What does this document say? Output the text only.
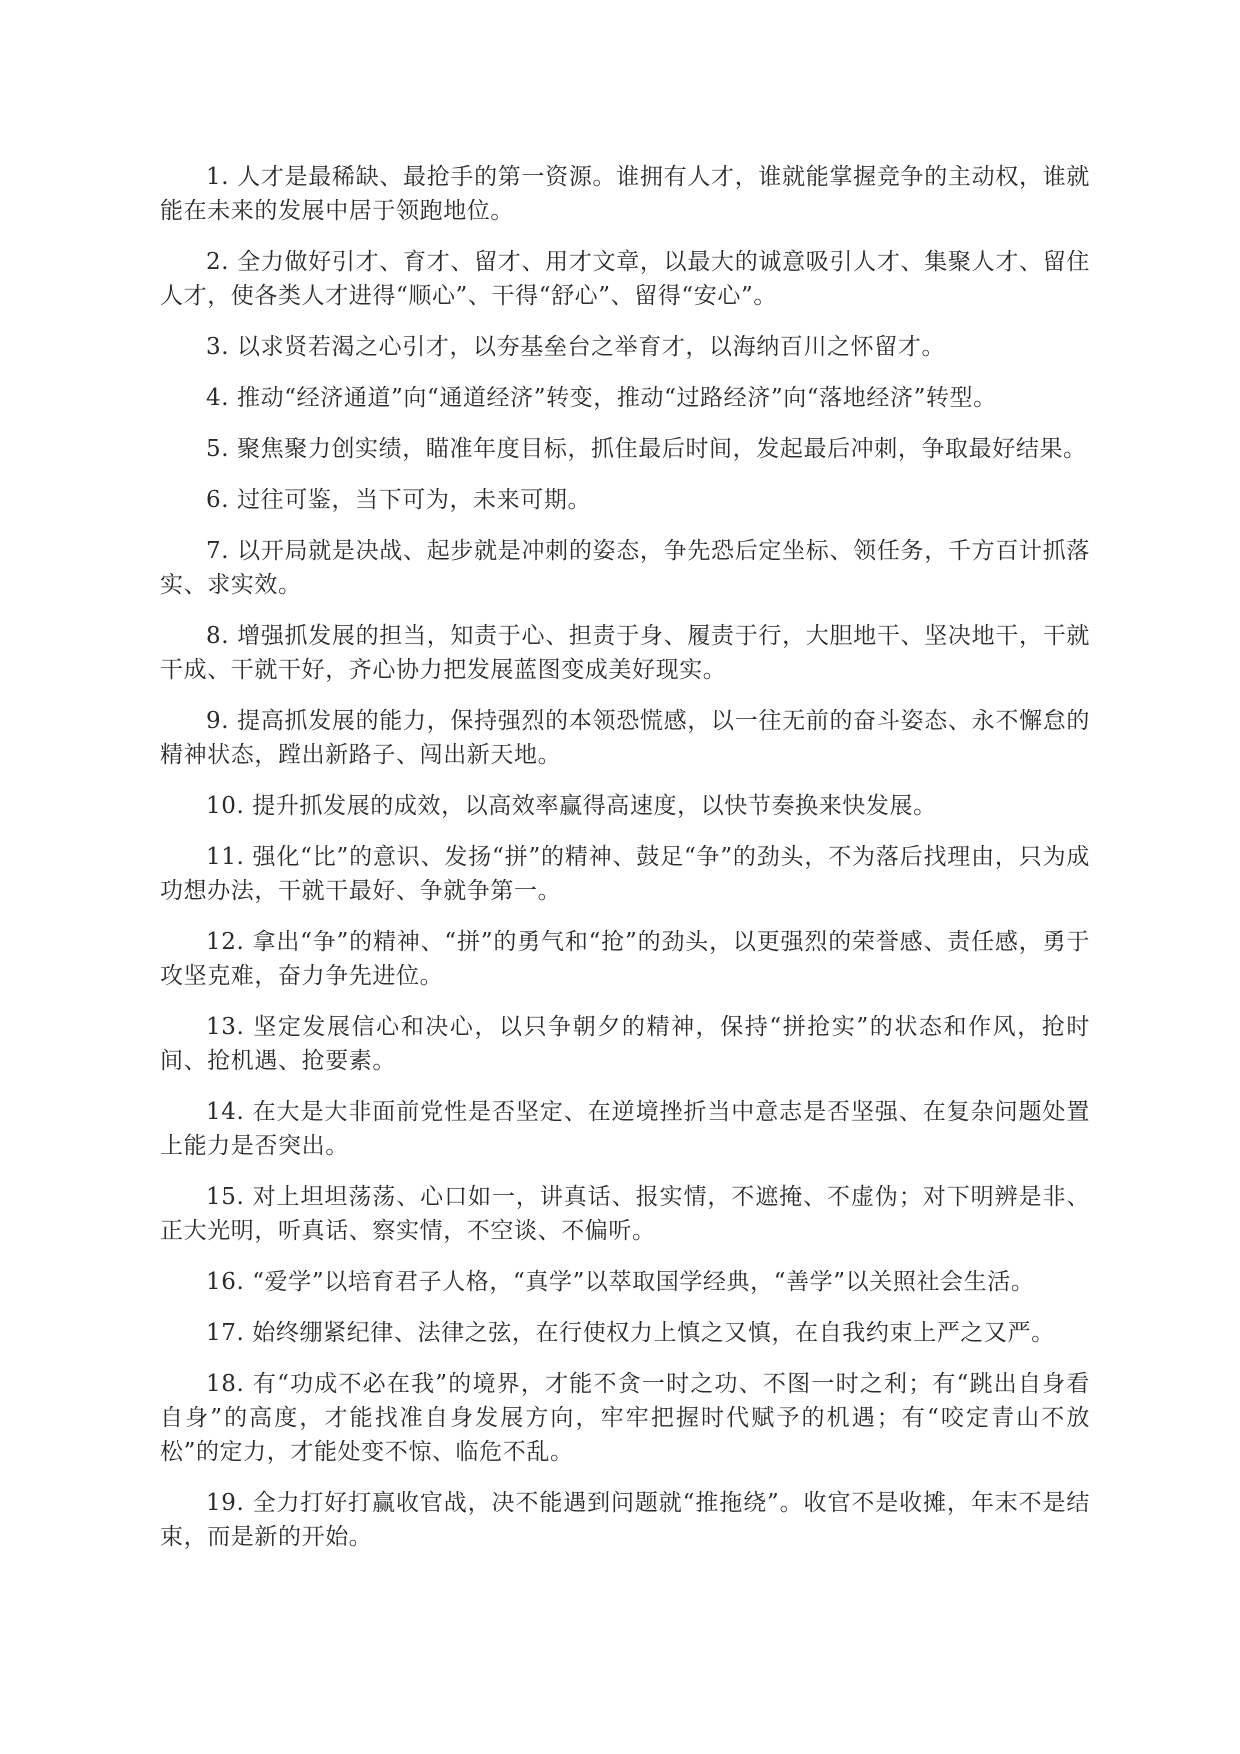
1. 人才是最稀缺、最抢手的第一资源。谁拥有人才，谁就能掌握竞争的主动权，谁就能在未来的发展中居于领跑地位。

2. 全力做好引才、育才、留才、用才文章，以最大的诚意吸引人才、集聚人才、留住人才，使各类人才进得“顺心”、干得“舒心”、留得“安心”。

3. 以求贤若渴之心引才，以夯基垒台之举育才，以海纳百川之怀留才。

4. 推动“经济通道”向“通道经济”转变，推动“过路经济”向“落地经济”转型。

5. 聚焦聚力创实绩，瞄准年度目标，抓住最后时间，发起最后冲刺，争取最好结果。

6. 过往可鉴，当下可为，未来可期。

7. 以开局就是决战、起步就是冲刺的姿态，争先恐后定坐标、领任务，千方百计抓落实、求实效。

8. 增强抓发展的担当，知责于心、担责于身、履责于行，大胆地干、坚决地干，干就干成、干就干好，齐心协力把发展蓝图变成美好现实。

9. 提高抓发展的能力，保持强烈的本领恐慌感，以一往无前的奋斗姿态、永不懈怠的精神状态，蹚出新路子、闯出新天地。

10. 提升抓发展的成效，以高效率赢得高速度，以快节奏换来快发展。

11. 强化“比”的意识、发扬“拼”的精神、鼓足“争”的劲头，不为落后找理由，只为成功想办法，干就干最好、争就争第一。

12. 拿出“争”的精神、“拼”的勇气和“抢”的劲头，以更强烈的荣誉感、责任感，勇于攻坚克难，奋力争先进位。

13. 坚定发展信心和决心，以只争朝夕的精神，保持“拼抢实”的状态和作风，抢时间、抢机遇、抢要素。

14. 在大是大非面前党性是否坚定、在逆境挫折当中意志是否坚强、在复杂问题处置上能力是否突出。

15. 对上坦坦荡荡、心口如一，讲真话、报实情，不遮掩、不虚伪；对下明辨是非、正大光明，听真话、察实情，不空谈、不偏听。

16. “爱学”以培育君子人格，“真学”以萃取国学经典，“善学”以关照社会生活。

17. 始终绷紧纪律、法律之弦，在行使权力上慎之又慎，在自我约束上严之又严。

18. 有“功成不必在我”的境界，才能不贪一时之功、不图一时之利；有“跳出自身看自身”的高度，才能找准自身发展方向，牢牢把握时代赋予的机遇；有“咬定青山不放松”的定力，才能处变不惊、临危不乱。

19. 全力打好打赢收官战，决不能遇到问题就“推拖绕”。收官不是收摊，年末不是结束，而是新的开始。
